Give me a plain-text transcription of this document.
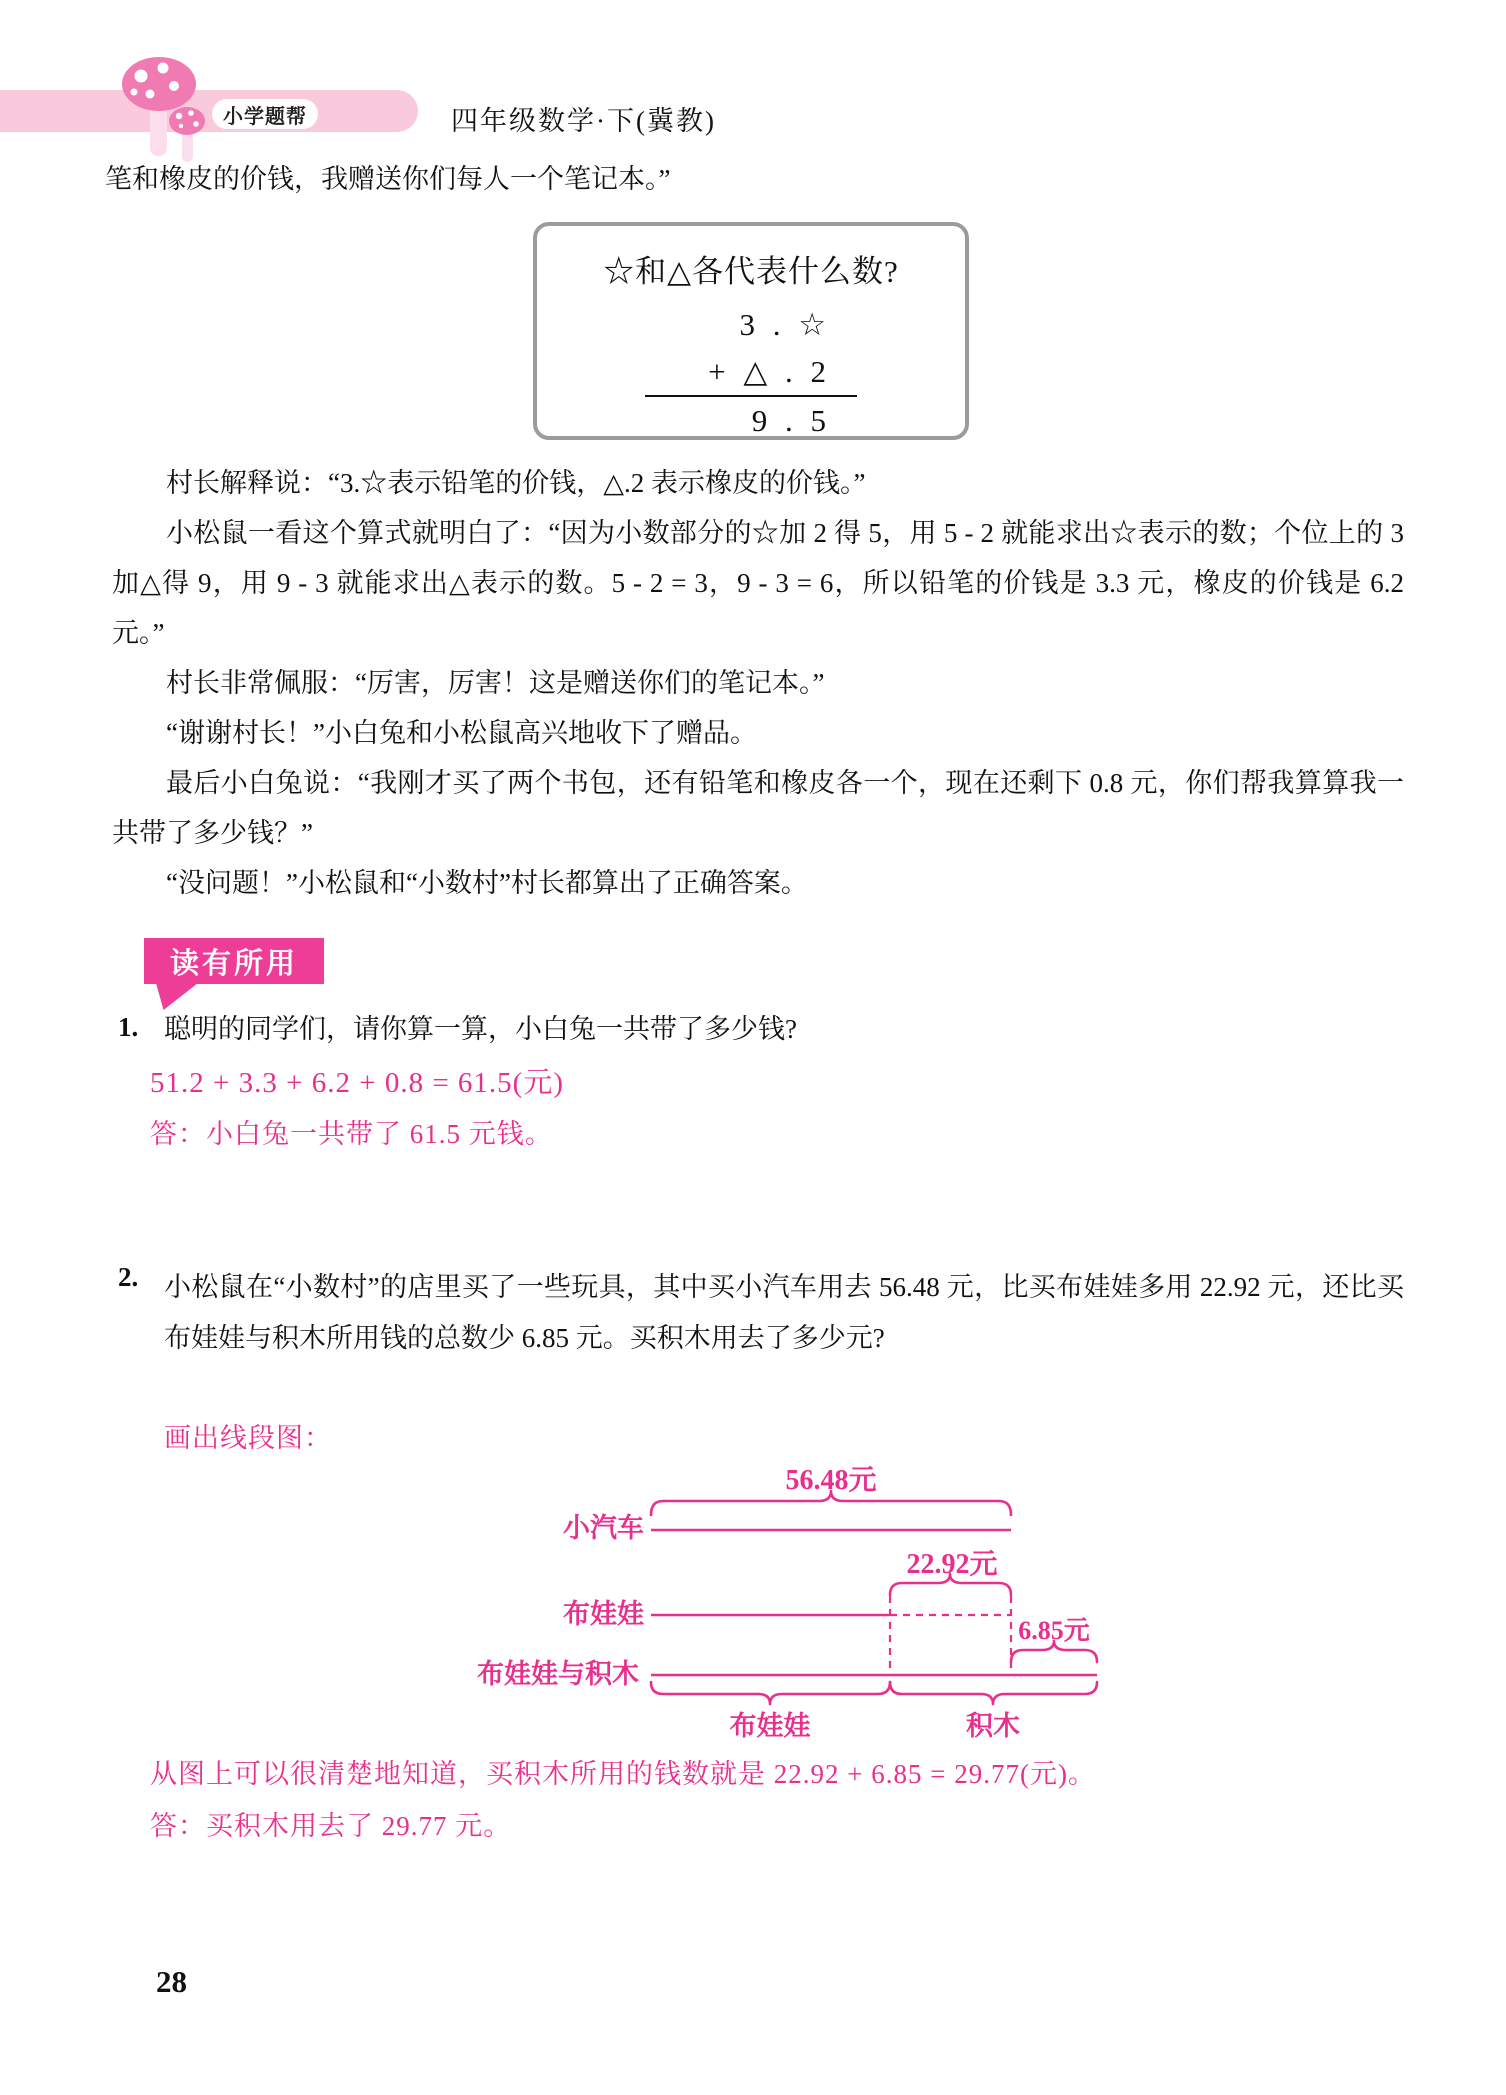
小学题帮	四年级数学·下(冀教)
笔和橡皮的价钱，我赠送你们每人一个笔记本。”
☆和△各代表什么数?
3 . ☆
+ △ . 2
9 . 5

村长解释说：“3.☆表示铅笔的价钱，△.2 表示橡皮的价钱。”

小松鼠一看这个算式就明白了：“因为小数部分的☆加 2 得 5，用 5 - 2 就能求出☆表示的数；个位上的 3 加△得 9，用 9 - 3 就能求出△表示的数。5 - 2 = 3，9 - 3 = 6，所以铅笔的价钱是 3.3 元，橡皮的价钱是 6.2 元。”

村长非常佩服：“厉害，厉害！这是赠送你们的笔记本。”

“谢谢村长！”小白兔和小松鼠高兴地收下了赠品。

最后小白兔说：“我刚才买了两个书包，还有铅笔和橡皮各一个，现在还剩下 0.8 元，你们帮我算算我一共带了多少钱？”

“没问题！”小松鼠和“小数村”村长都算出了正确答案。

读有所用
1. 聪明的同学们，请你算一算，小白兔一共带了多少钱?
51.2 + 3.3 + 6.2 + 0.8 = 61.5(元)
答：小白兔一共带了 61.5 元钱。
2. 小松鼠在“小数村”的店里买了一些玩具，其中买小汽车用去 56.48 元，比买布娃娃多用 22.92 元，还比买布娃娃与积木所用钱的总数少 6.85 元。买积木用去了多少元?
画出线段图：
56.48元
小汽车
22.92元
布娃娃
6.85元
布娃娃与积木
布娃娃	积木
从图上可以很清楚地知道，买积木所用的钱数就是 22.92 + 6.85 = 29.77(元)。
答：买积木用去了 29.77 元。
28
